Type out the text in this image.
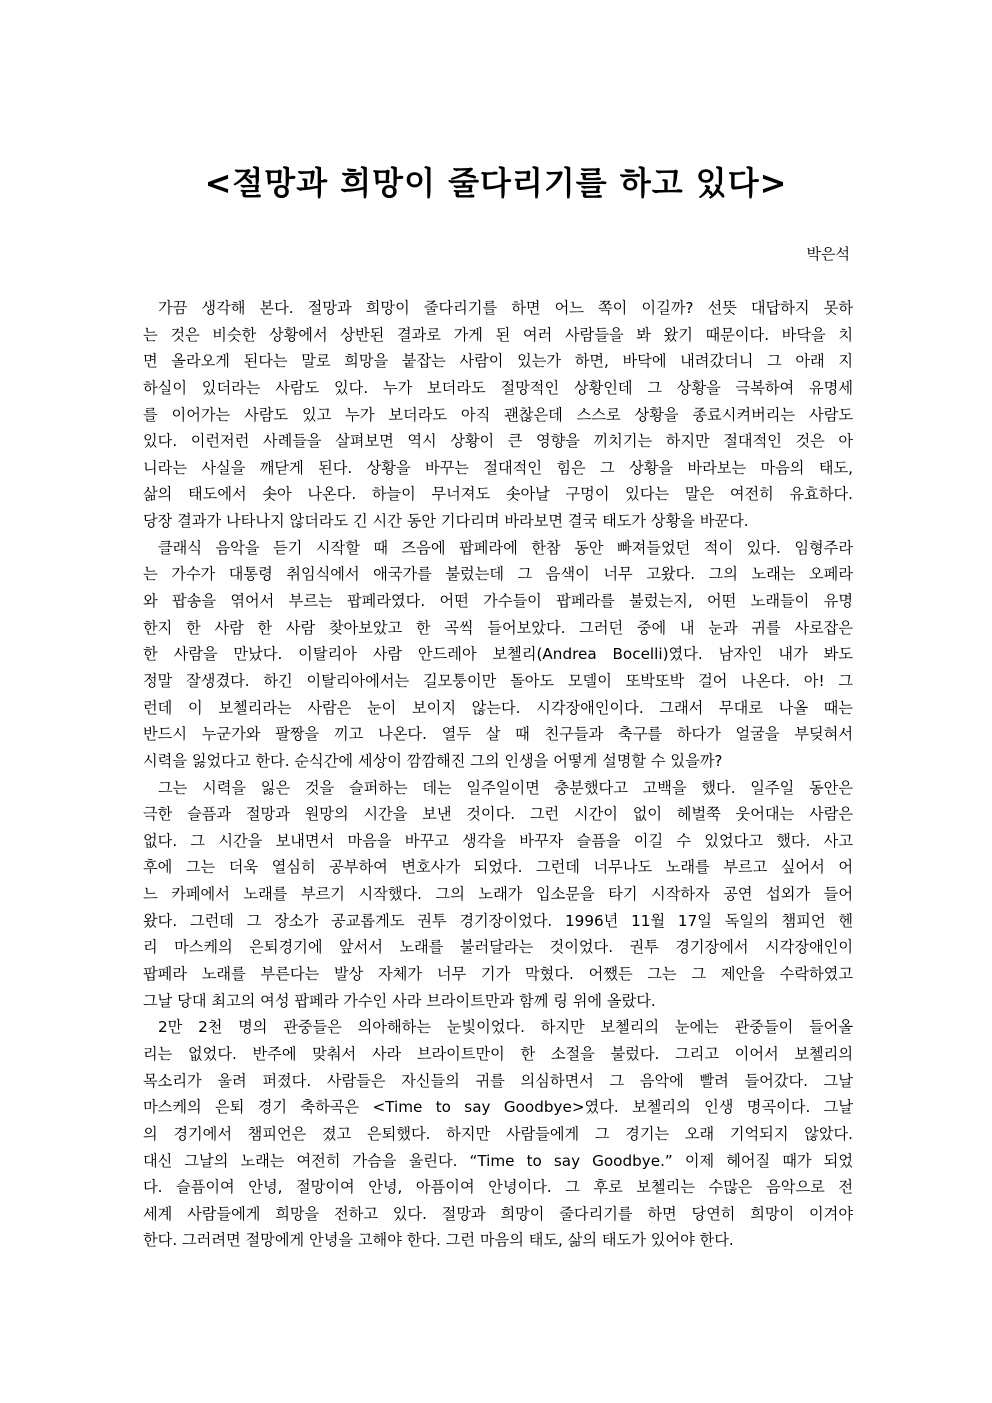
<절망과 희망이 줄다리기를 하고 있다>
박은석
가끔 생각해 본다. 절망과 희망이 줄다리기를 하면 어느 쪽이 이길까? 선뜻 대답하지 못하
는 것은 비슷한 상황에서 상반된 결과로 가게 된 여러 사람들을 봐 왔기 때문이다. 바닥을 치
면 올라오게 된다는 말로 희망을 붙잡는 사람이 있는가 하면, 바닥에 내려갔더니 그 아래 지
하실이 있더라는 사람도 있다. 누가 보더라도 절망적인 상황인데 그 상황을 극복하여 유명세
를 이어가는 사람도 있고 누가 보더라도 아직 괜찮은데 스스로 상황을 종료시켜버리는 사람도
있다. 이런저런 사례들을 살펴보면 역시 상황이 큰 영향을 끼치기는 하지만 절대적인 것은 아
니라는 사실을 깨닫게 된다. 상황을 바꾸는 절대적인 힘은 그 상황을 바라보는 마음의 태도,
삶의 태도에서 솟아 나온다. 하늘이 무너져도 솟아날 구멍이 있다는 말은 여전히 유효하다.
당장 결과가 나타나지 않더라도 긴 시간 동안 기다리며 바라보면 결국 태도가 상황을 바꾼다.
클래식 음악을 듣기 시작할 때 즈음에 팝페라에 한참 동안 빠져들었던 적이 있다. 임형주라
는 가수가 대통령 취임식에서 애국가를 불렀는데 그 음색이 너무 고왔다. 그의 노래는 오페라
와 팝송을 엮어서 부르는 팝페라였다. 어떤 가수들이 팝페라를 불렀는지, 어떤 노래들이 유명
한지 한 사람 한 사람 찾아보았고 한 곡씩 들어보았다. 그러던 중에 내 눈과 귀를 사로잡은
한 사람을 만났다. 이탈리아 사람 안드레아 보첼리(Andrea Bocelli)였다. 남자인 내가 봐도
정말 잘생겼다. 하긴 이탈리아에서는 길모퉁이만 돌아도 모델이 또박또박 걸어 나온다. 아! 그
런데 이 보첼리라는 사람은 눈이 보이지 않는다. 시각장애인이다. 그래서 무대로 나올 때는
반드시 누군가와 팔짱을 끼고 나온다. 열두 살 때 친구들과 축구를 하다가 얼굴을 부딪혀서
시력을 잃었다고 한다. 순식간에 세상이 깜깜해진 그의 인생을 어떻게 설명할 수 있을까?
그는 시력을 잃은 것을 슬퍼하는 데는 일주일이면 충분했다고 고백을 했다. 일주일 동안은
극한 슬픔과 절망과 원망의 시간을 보낸 것이다. 그런 시간이 없이 헤벌쭉 웃어대는 사람은
없다. 그 시간을 보내면서 마음을 바꾸고 생각을 바꾸자 슬픔을 이길 수 있었다고 했다. 사고
후에 그는 더욱 열심히 공부하여 변호사가 되었다. 그런데 너무나도 노래를 부르고 싶어서 어
느 카페에서 노래를 부르기 시작했다. 그의 노래가 입소문을 타기 시작하자 공연 섭외가 들어
왔다. 그런데 그 장소가 공교롭게도 권투 경기장이었다. 1996년 11월 17일 독일의 챔피언 헨
리 마스케의 은퇴경기에 앞서서 노래를 불러달라는 것이었다. 권투 경기장에서 시각장애인이
팝페라 노래를 부른다는 발상 자체가 너무 기가 막혔다. 어쨌든 그는 그 제안을 수락하였고
그날 당대 최고의 여성 팝페라 가수인 사라 브라이트만과 함께 링 위에 올랐다.
2만 2천 명의 관중들은 의아해하는 눈빛이었다. 하지만 보첼리의 눈에는 관중들이 들어올
리는 없었다. 반주에 맞춰서 사라 브라이트만이 한 소절을 불렀다. 그리고 이어서 보첼리의
목소리가 울려 퍼졌다. 사람들은 자신들의 귀를 의심하면서 그 음악에 빨려 들어갔다. 그날
마스케의 은퇴 경기 축하곡은 <Time to say Goodbye>였다. 보첼리의 인생 명곡이다. 그날
의 경기에서 챔피언은 졌고 은퇴했다. 하지만 사람들에게 그 경기는 오래 기억되지 않았다.
대신 그날의 노래는 여전히 가슴을 울린다. “Time to say Goodbye.” 이제 헤어질 때가 되었
다. 슬픔이여 안녕, 절망이여 안녕, 아픔이여 안녕이다. 그 후로 보첼리는 수많은 음악으로 전
세계 사람들에게 희망을 전하고 있다. 절망과 희망이 줄다리기를 하면 당연히 희망이 이겨야
한다. 그러려면 절망에게 안녕을 고해야 한다. 그런 마음의 태도, 삶의 태도가 있어야 한다.
